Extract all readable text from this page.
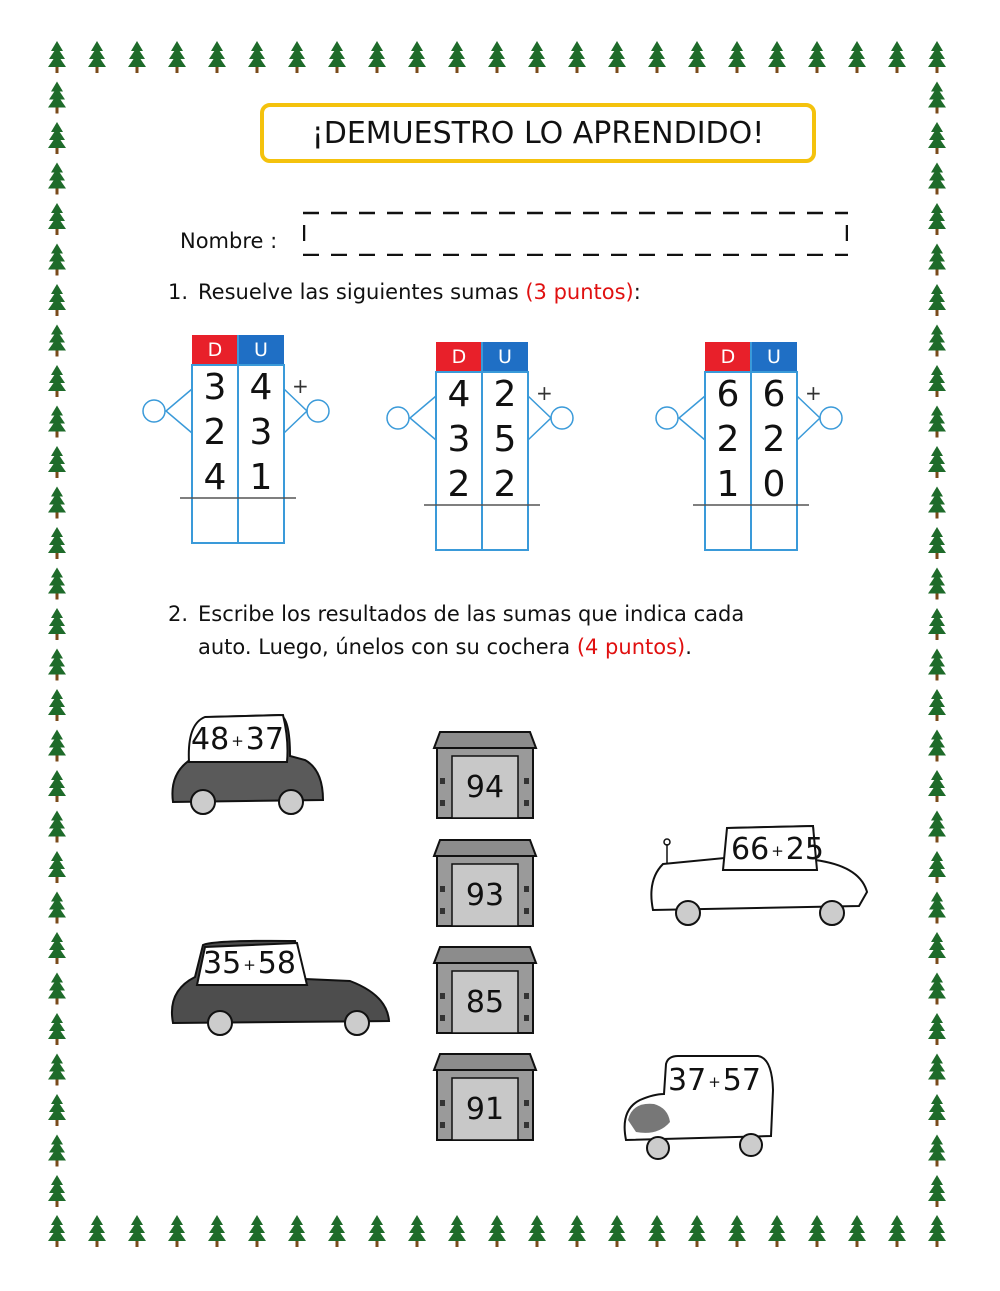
¡DEMUESTRO LO APRENDIDO!
Nombre :
1. Resuelve las siguientes sumas (3 puntos):
D	U
+
3 4
2 3
4 1
D	U
+
4 2
3 5
2 2
D	U
+
6 6
2 2
1 0
2. Escribe los resultados de las sumas que indica cada
auto. Luego, únelos con su cochera (4 puntos).
48 +37
66 +25
35 +58
37 +57
94
93
85
91
